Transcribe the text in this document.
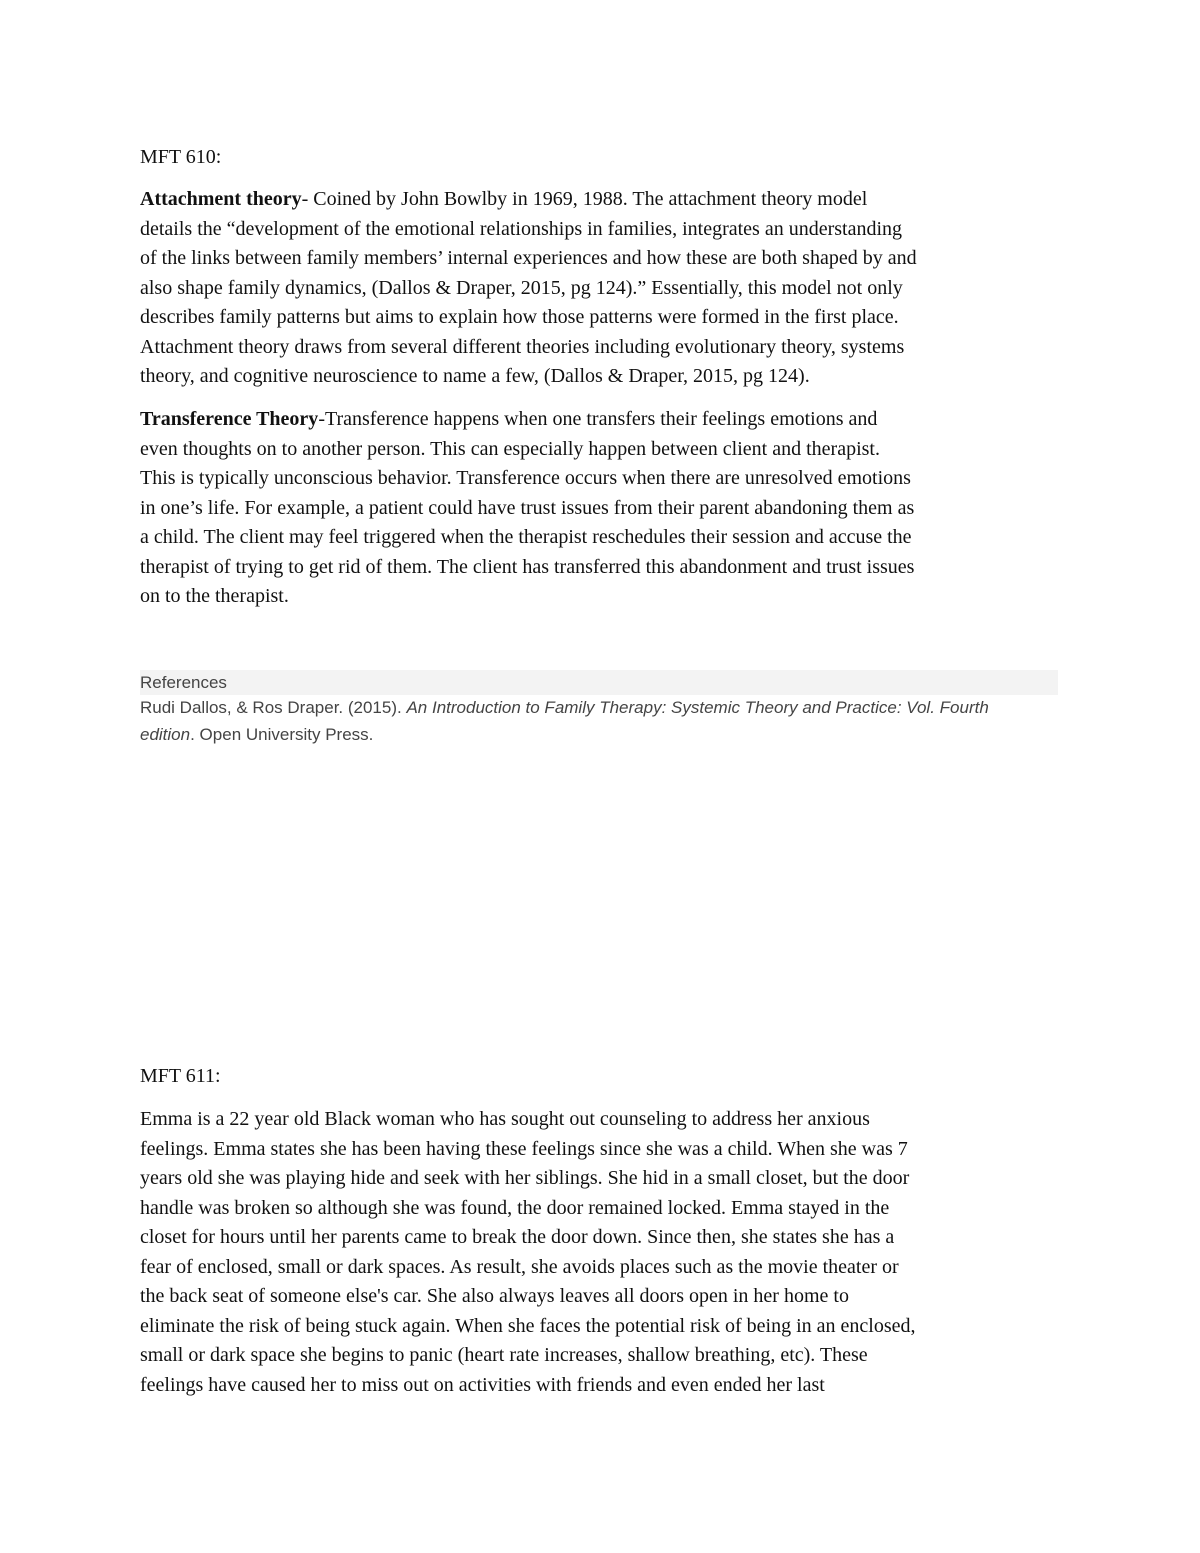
MFT 610:
Attachment theory- Coined by John Bowlby in 1969, 1988. The attachment theory model
details the “development of the emotional relationships in families, integrates an understanding
of the links between family members’ internal experiences and how these are both shaped by and
also shape family dynamics, (Dallos & Draper, 2015, pg 124).” Essentially, this model not only
describes family patterns but aims to explain how those patterns were formed in the first place.
Attachment theory draws from several different theories including evolutionary theory, systems
theory, and cognitive neuroscience to name a few, (Dallos & Draper, 2015, pg 124).
Transference Theory-Transference happens when one transfers their feelings emotions and
even thoughts on to another person. This can especially happen between client and therapist.
This is typically unconscious behavior. Transference occurs when there are unresolved emotions
in one’s life. For example, a patient could have trust issues from their parent abandoning them as
a child. The client may feel triggered when the therapist reschedules their session and accuse the
therapist of trying to get rid of them. The client has transferred this abandonment and trust issues
on to the therapist.
References
Rudi Dallos, & Ros Draper. (2015). An Introduction to Family Therapy: Systemic Theory and Practice: Vol. Fourth
edition. Open University Press.
MFT 611:
Emma is a 22 year old Black woman who has sought out counseling to address her anxious
feelings. Emma states she has been having these feelings since she was a child. When she was 7
years old she was playing hide and seek with her siblings. She hid in a small closet, but the door
handle was broken so although she was found, the door remained locked. Emma stayed in the
closet for hours until her parents came to break the door down. Since then, she states she has a
fear of enclosed, small or dark spaces. As result, she avoids places such as the movie theater or
the back seat of someone else's car. She also always leaves all doors open in her home to
eliminate the risk of being stuck again. When she faces the potential risk of being in an enclosed,
small or dark space she begins to panic (heart rate increases, shallow breathing, etc). These
feelings have caused her to miss out on activities with friends and even ended her last
